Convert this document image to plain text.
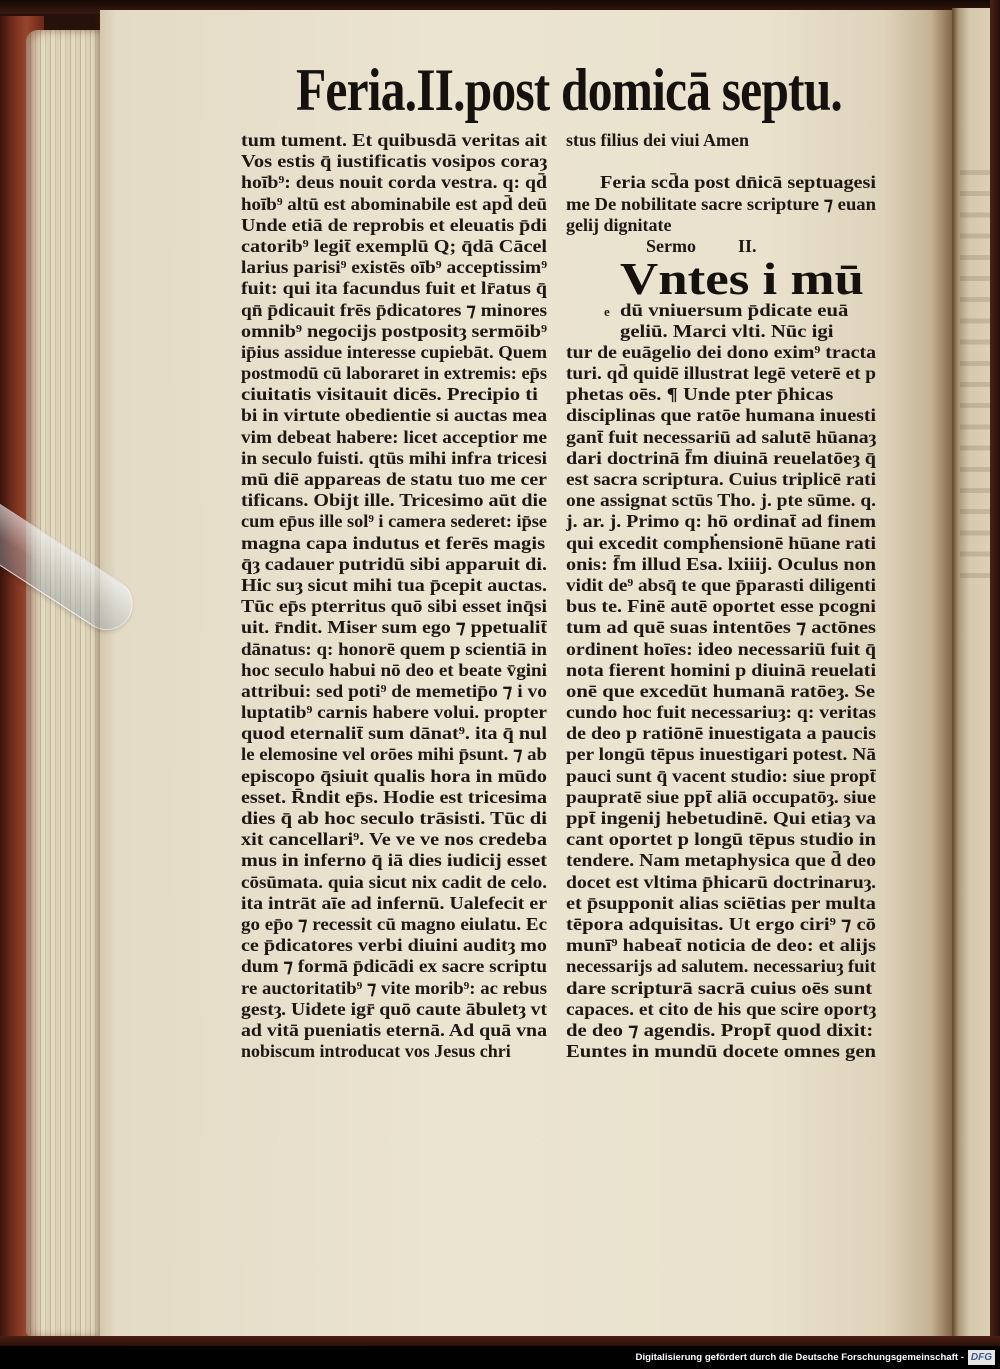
Feria.II.post domicā septu.
tum tument. Et quibusdā veritas ait
Vos estis q̄ iustificatis vosipos coraȝ
hoīb⁹: deus nouit corda vestra. q: qd̄
hoīb⁹ altū est abominabile est apd̄ deū
Unde etiā de reprobis et eleuatis p̄di
catorib⁹ legit̄ exemplū Q; q̄dā Cācel
larius parisi⁹ existēs oīb⁹ acceptissim⁹
fuit: qui ita facundus fuit et lr̄atus q̄
qn̄ p̄dicauit frēs p̄dicatores ⁊ minores
omnib⁹ negocijs postpositȝ sermōib⁹
ip̄ius assidue interesse cupiebāt. Quem
postmodū cū laboraret in extremis: ep̄s
ciuitatis visitauit dicēs. Precipio ti
bi in virtute obedientie si auctas mea
vim debeat habere: licet acceptior me
in seculo fuisti. qtūs mihi infra tricesi
mū diē appareas de statu tuo me cer
tificans. Obijt ille. Tricesimo aūt die
cum ep̄us ille sol⁹ i camera sederet: ip̄se
magna capa indutus et ferēs magis
q̄ȝ cadauer putridū sibi apparuit di.
Hic suȝ sicut mihi tua p̄cepit auctas.
Tūc ep̄s pterritus quō sibi esset inq̄si
uit. r̄ndit. Miser sum ego ⁊ ppetualit̄
dānatus: q: honorē quem p scientiā in
hoc seculo habui nō deo et beate v̄gini
attribui: sed poti⁹ de memetip̄o ⁊ i vo
luptatib⁹ carnis habere volui. propter
quod eternalit̄ sum dānat⁹. ita q̄ nul
le elemosine vel orōes mihi p̄sunt. ⁊ ab
episcopo q̄siuit qualis hora in mūdo
esset. R̄ndit ep̄s. Hodie est tricesima
dies q̄ ab hoc seculo trāsisti. Tūc di
xit cancellari⁹. Ve ve ve nos credeba
mus in inferno q̄ iā dies iudicij esset
cōsūmata. quia sicut nix cadit de celo.
ita intrāt aīe ad infernū. Ualefecit er
go ep̄o ⁊ recessit cū magno eiulatu. Ec
ce p̄dicatores verbi diuini auditȝ mo
dum ⁊ formā p̄dicādi ex sacre scriptu
re auctoritatib⁹ ⁊ vite morib⁹: ac rebus
gestȝ. Uidete igr̄ quō caute ābuletȝ vt
ad vitā pueniatis eternā. Ad quā vna
nobiscum introducat vos Jesus chri
stus filius dei viui Amen
Feria scd̄a post dn̄icā septuagesi
me De nobilitate sacre scripture ⁊ euan
gelij dignitate
Sermo II.
Vntes i mū
e dū vniuersum p̄dicate euā
geliū. Marci vlti. Nūc igi
tur de euāgelio dei dono exim⁹ tracta
turi. qd̄ quidē illustrat legē veterē et p
phetas oēs. ¶ Unde pter p̄hicas
disciplinas que ratōe humana inuesti
gant̄ fuit necessariū ad salutē hūanaȝ
dari doctrinā f̄m diuinā reuelatōeȝ q̄
est sacra scriptura. Cuius triplicē rati
one assignat sctūs Tho. j. pte sūme. q.
j. ar. j. Primo q: hō ordinat̄ ad finem
qui excedit compḣensionē hūane rati
onis: f̄m illud Esa. lxiiij. Oculus non
vidit de⁹ absq̄ te que p̄parasti diligenti
bus te. Finē autē oportet esse pcogni
tum ad quē suas intentōes ⁊ actōnes
ordinent hoīes: ideo necessariū fuit q̄
nota fierent homini p diuinā reuelati
onē que excedūt humanā ratōeȝ. Se
cundo hoc fuit necessariuȝ: q: veritas
de deo p ratiōnē inuestigata a paucis
per longū tēpus inuestigari potest. Nā
pauci sunt q̄ vacent studio: siue propt̄
paupratē siue ppt̄ aliā occupatōȝ. siue
ppt̄ ingenij hebetudinē. Qui etiaȝ va
cant oportet p longū tēpus studio in
tendere. Nam metaphysica que d̄ deo
docet est vltima p̄hicarū doctrinaruȝ.
et p̄supponit alias sciētias per multa
tēpora adquisitas. Ut ergo ciri⁹ ⁊ cō
munī⁹ habeat̄ noticia de deo: et alijs
necessarijs ad salutem. necessariuȝ fuit
dare scripturā sacrā cuius oēs sunt
capaces. et cito de his que scire oportȝ
de deo ⁊ agendis. Propt̄ quod dixit:
Euntes in mundū docete omnes gen
Digitalisierung gefördert durch die Deutsche Forschungsgemeinschaft - DFG
